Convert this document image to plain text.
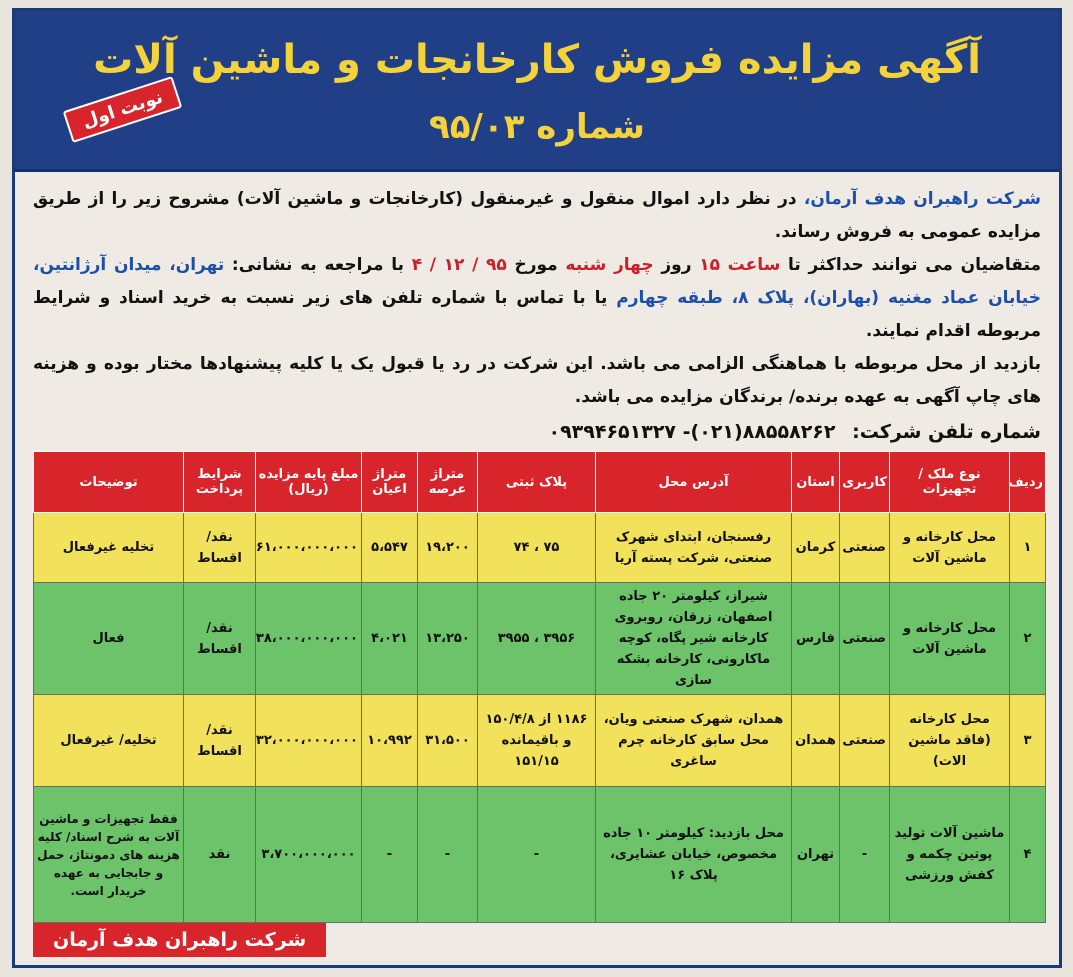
آگهی مزایده فروش کارخانجات و ماشین آلات
شماره ۹۵/۰۳
نوبت اول
شرکت راهبران هدف آرمان، در نظر دارد اموال منقول و غیرمنقول (کارخانجات و ماشین آلات) مشروح زیر را از طریق مزایده عمومی به فروش رساند.
متقاضیان می توانند حداکثر تا ساعت ۱۵ روز چهار شنبه مورخ ۹۵ / ۱۲ / ۴ با مراجعه به نشانی: تهران، میدان آرژانتین، خیابان عماد مغنیه (بهاران)، پلاک ۸، طبقه چهارم یا با تماس با شماره تلفن های زیر نسبت به خرید اسناد و شرایط مربوطه اقدام نمایند.
بازدید از محل مربوطه با هماهنگی الزامی می باشد. این شرکت در رد یا قبول یک یا کلیه پیشنهادها مختار بوده و هزینه های چاپ آگهی به عهده برنده/ برندگان مزایده می باشد.
شماره تلفن شرکت: ۸۸۵۵۸۲۶۲(۰۲۱)- ۰۹۳۹۴۶۵۱۳۲۷
ردیف	نوع ملک / تجهیزات	کاربری	استان	آدرس محل	پلاک ثبتی	متراژ عرصه	متراژ اعیان	مبلغ پایه مزایده (ریال)	شرایط پرداخت	توضیحات
۱	محل کارخانه و ماشین آلات	صنعتی	کرمان	رفسنجان، ابتدای شهرک صنعتی، شرکت پسته آریا	۷۵ ، ۷۴	۱۹،۲۰۰	۵،۵۴۷	۶۱،۰۰۰،۰۰۰،۰۰۰	نقد/ اقساط	تخلیه غیرفعال
۲	محل کارخانه و ماشین آلات	صنعتی	فارس	شیراز، کیلومتر ۲۰ جاده اصفهان، زرقان، روبروی کارخانه شیر پگاه، کوچه ماکارونی، کارخانه بشکه سازی	۳۹۵۶ ، ۳۹۵۵	۱۳،۲۵۰	۴،۰۲۱	۳۸،۰۰۰،۰۰۰،۰۰۰	نقد/ اقساط	فعال
۳	محل کارخانه (فاقد ماشین الات)	صنعتی	همدان	همدان، شهرک صنعتی ویان، محل سابق کارخانه چرم ساغری	۱۱۸۶ از ۱۵۰/۴/۸ و باقیمانده ۱۵۱/۱۵	۳۱،۵۰۰	۱۰،۹۹۲	۳۲،۰۰۰،۰۰۰،۰۰۰	نقد/ اقساط	تخلیه/ غیرفعال
۴	ماشین آلات تولید پوتین چکمه و کفش ورزشی	-	تهران	محل بازدید: کیلومتر ۱۰ جاده مخصوص، خیابان عشایری، پلاک ۱۶	-	-	-	۳،۷۰۰،۰۰۰،۰۰۰	نقد	فقط تجهیزات و ماشین آلات به شرح اسناد/ کلیه هزینه های دمونتاژ، حمل و جابجایی به عهده خریدار است.
شرکت راهبران هدف آرمان
